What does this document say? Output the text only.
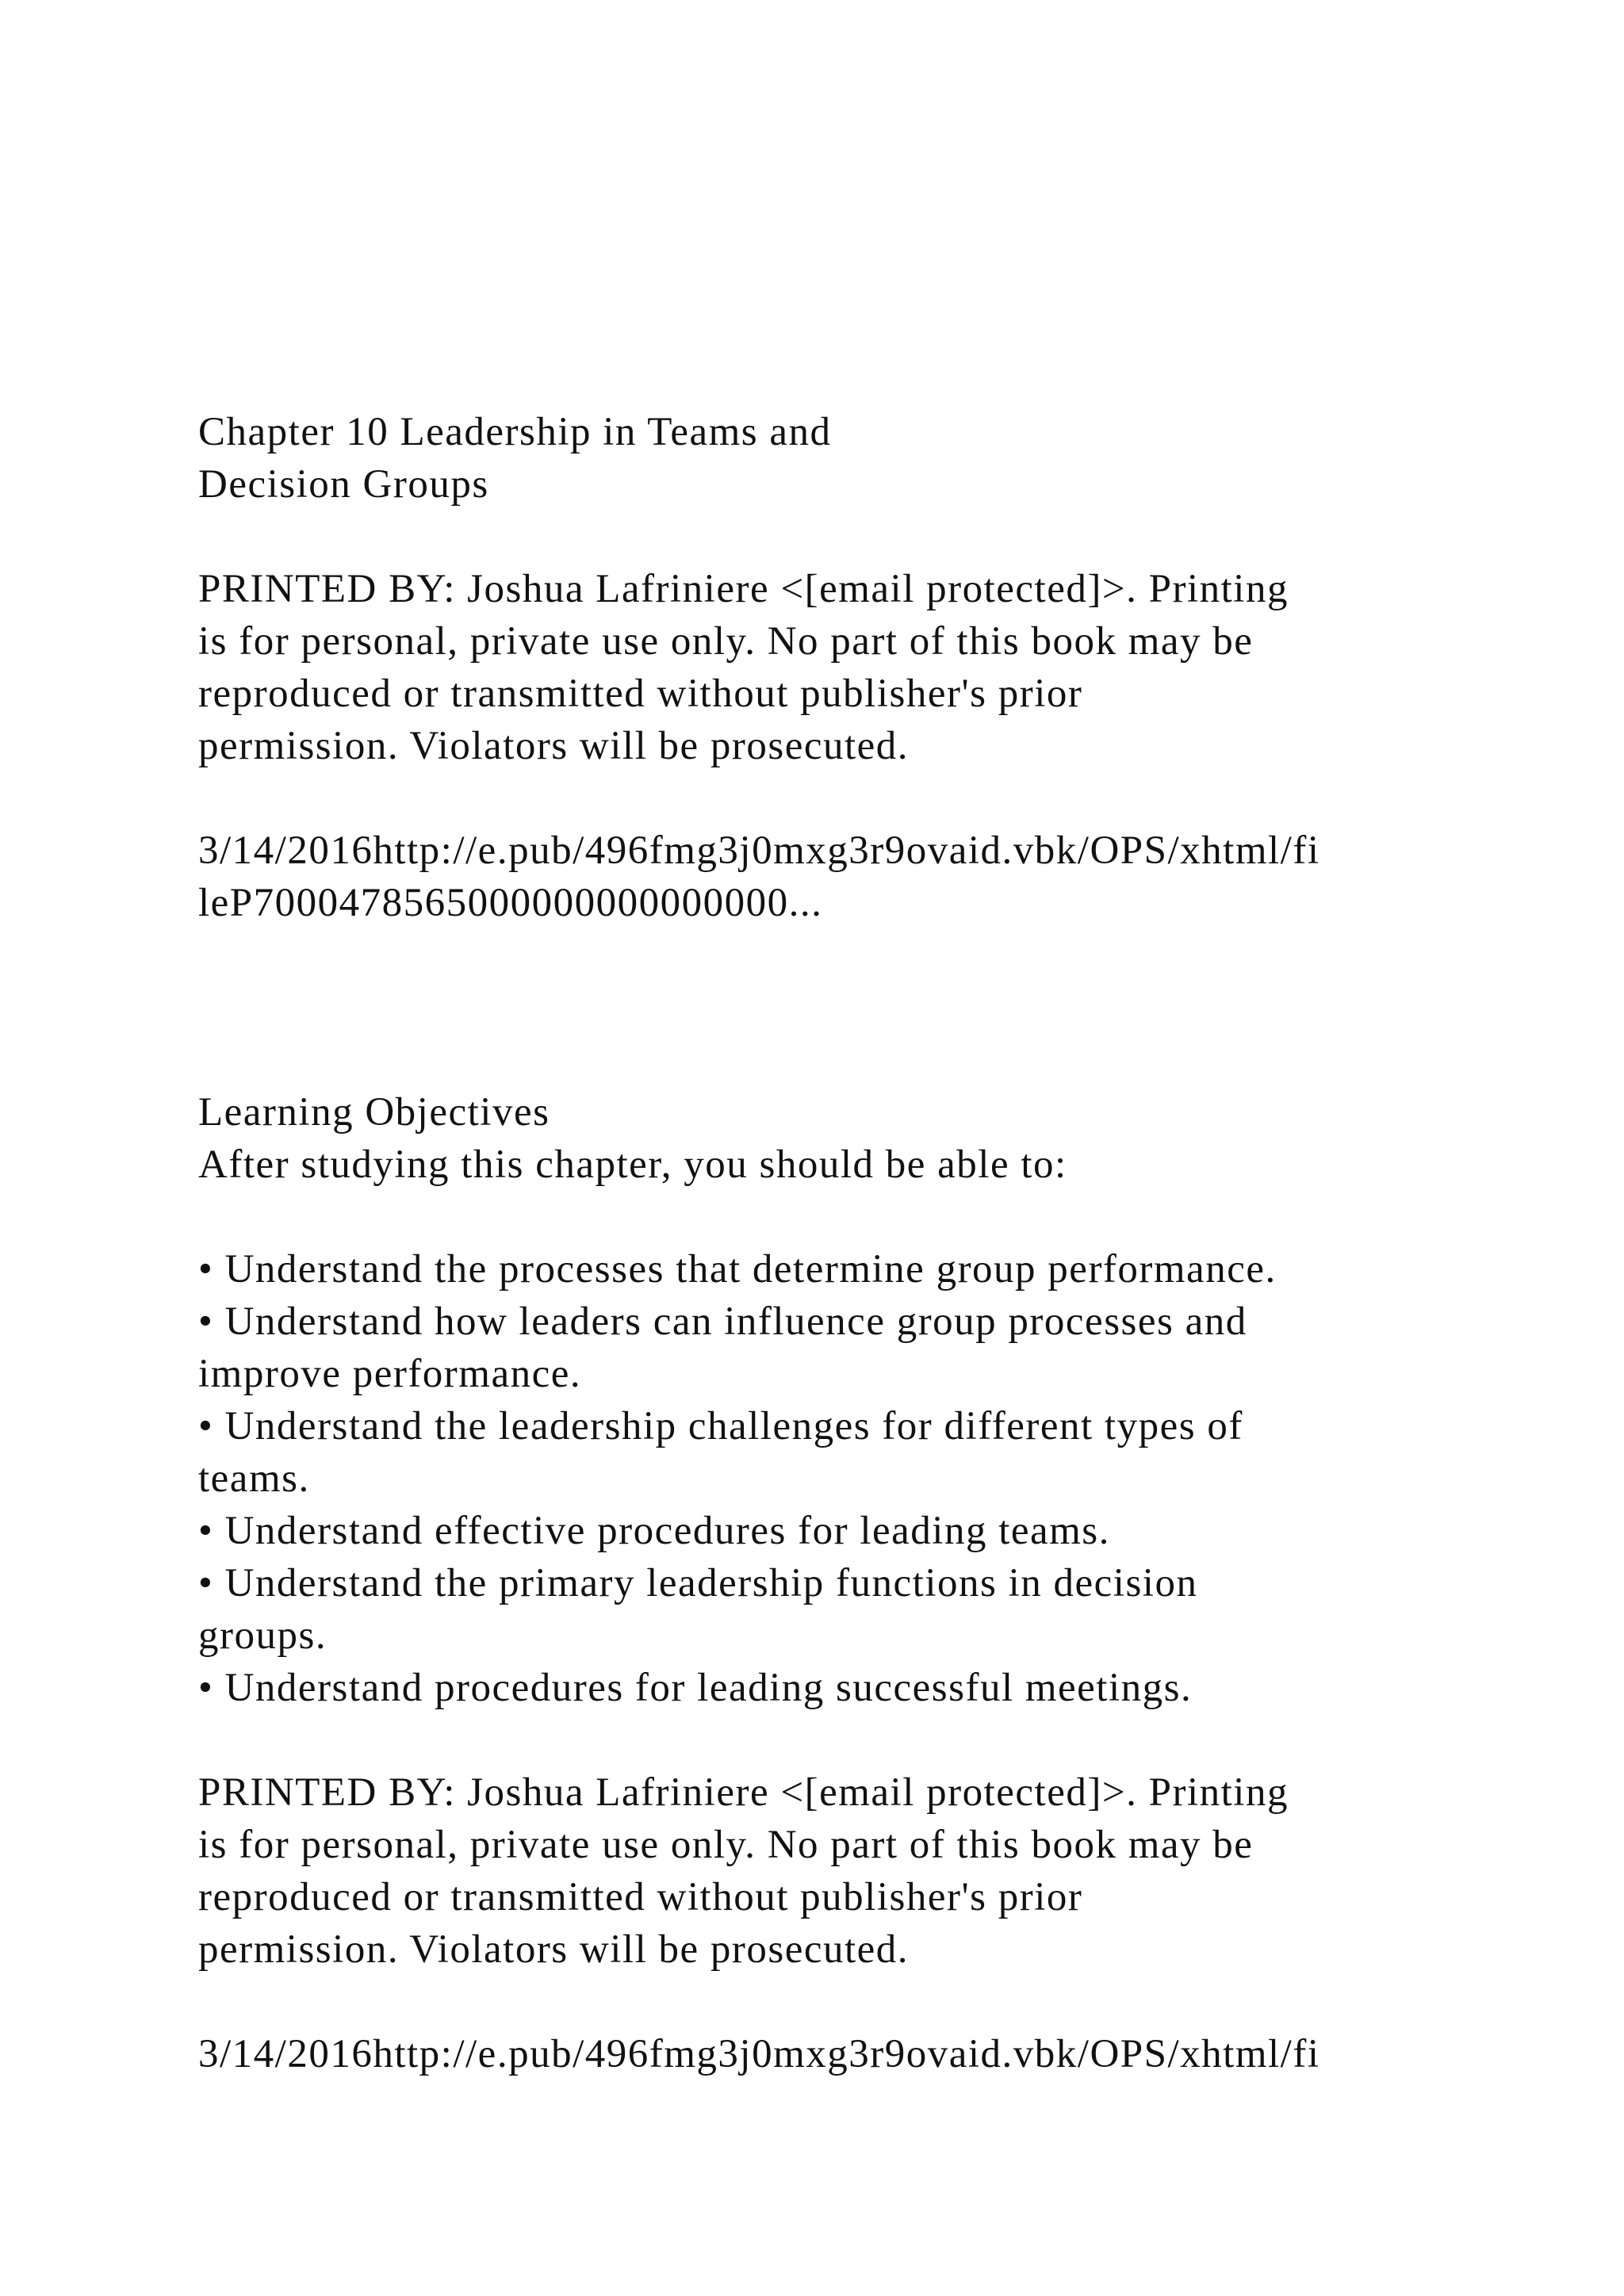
Chapter 10 Leadership in Teams and
Decision Groups
PRINTED BY: Joshua Lafriniere <[email protected]>. Printing
is for personal, private use only. No part of this book may be
reproduced or transmitted without publisher's prior
permission. Violators will be prosecuted.
3/14/2016http://e.pub/496fmg3j0mxg3r9ovaid.vbk/OPS/xhtml/fi
leP7000478565000000000000000...
Learning Objectives
After studying this chapter, you should be able to:
• Understand the processes that determine group performance.
• Understand how leaders can influence group processes and
improve performance.
• Understand the leadership challenges for different types of
teams.
• Understand effective procedures for leading teams.
• Understand the primary leadership functions in decision
groups.
• Understand procedures for leading successful meetings.
PRINTED BY: Joshua Lafriniere <[email protected]>. Printing
is for personal, private use only. No part of this book may be
reproduced or transmitted without publisher's prior
permission. Violators will be prosecuted.
3/14/2016http://e.pub/496fmg3j0mxg3r9ovaid.vbk/OPS/xhtml/fi
